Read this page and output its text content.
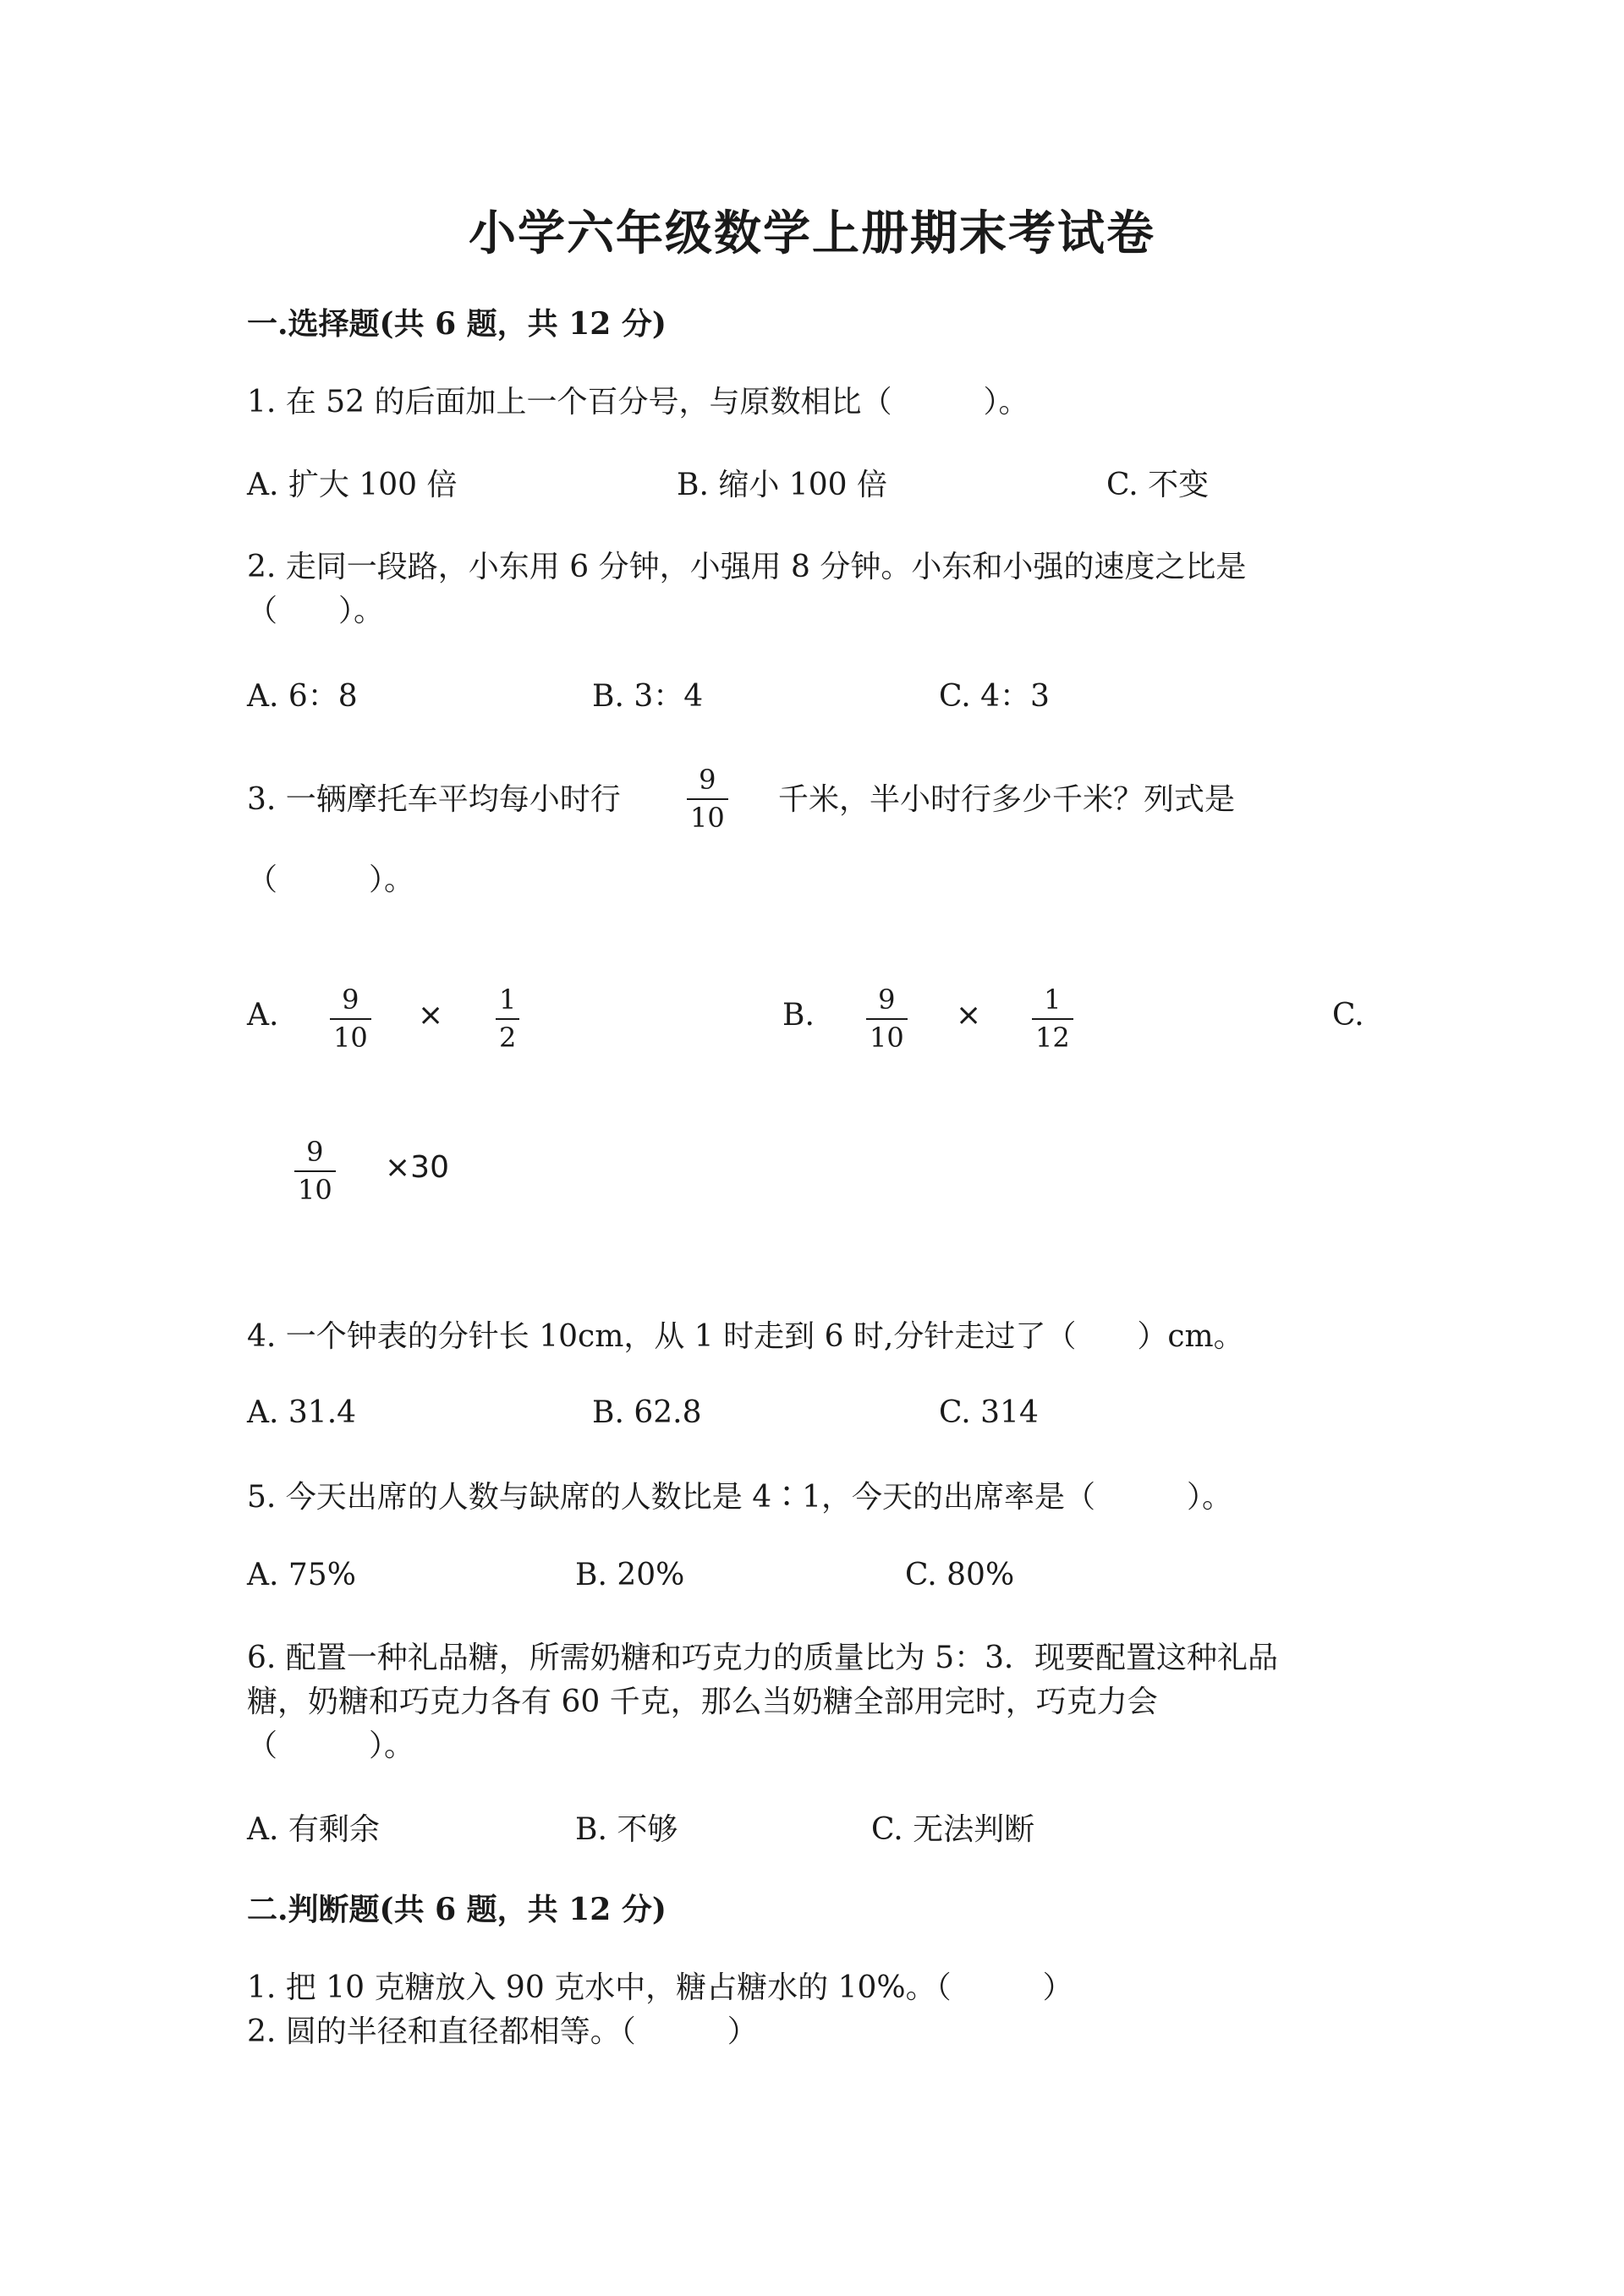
小学六年级数学上册期末考试卷
一.选择题(共 6 题，共 12 分)
1. 在 52 的后面加上一个百分号，与原数相比（　　　）。
A. 扩大 100 倍	B. 缩小 100 倍	C. 不变
2. 走同一段路，小东用 6 分钟，小强用 8 分钟。小东和小强的速度之比是
（　　）。
A. 6：8	B. 3：4	C. 4：3
3. 一辆摩托车平均每小时行
9
10
千米，半小时行多少千米？列式是
（　　　）。
A. 9
10
× 1
2
B. 9
10
× 1
12
C.
9
10
×30
4. 一个钟表的分针长 10cm，从 1 时走到 6 时,分针走过了（　　）cm。
A. 31.4	B. 62.8	C. 314
5. 今天出席的人数与缺席的人数比是 4∶1，今天的出席率是（　　　）。
A. 75%	B. 20%	C. 80%
6. 配置一种礼品糖，所需奶糖和巧克力的质量比为 5：3．现要配置这种礼品
糖，奶糖和巧克力各有 60 千克，那么当奶糖全部用完时，巧克力会
（　　　）。
A. 有剩余	B. 不够	C. 无法判断
二.判断题(共 6 题，共 12 分)
1. 把 10 克糖放入 90 克水中，糖占糖水的 10%。（　　　）
2. 圆的半径和直径都相等。（　　　）
